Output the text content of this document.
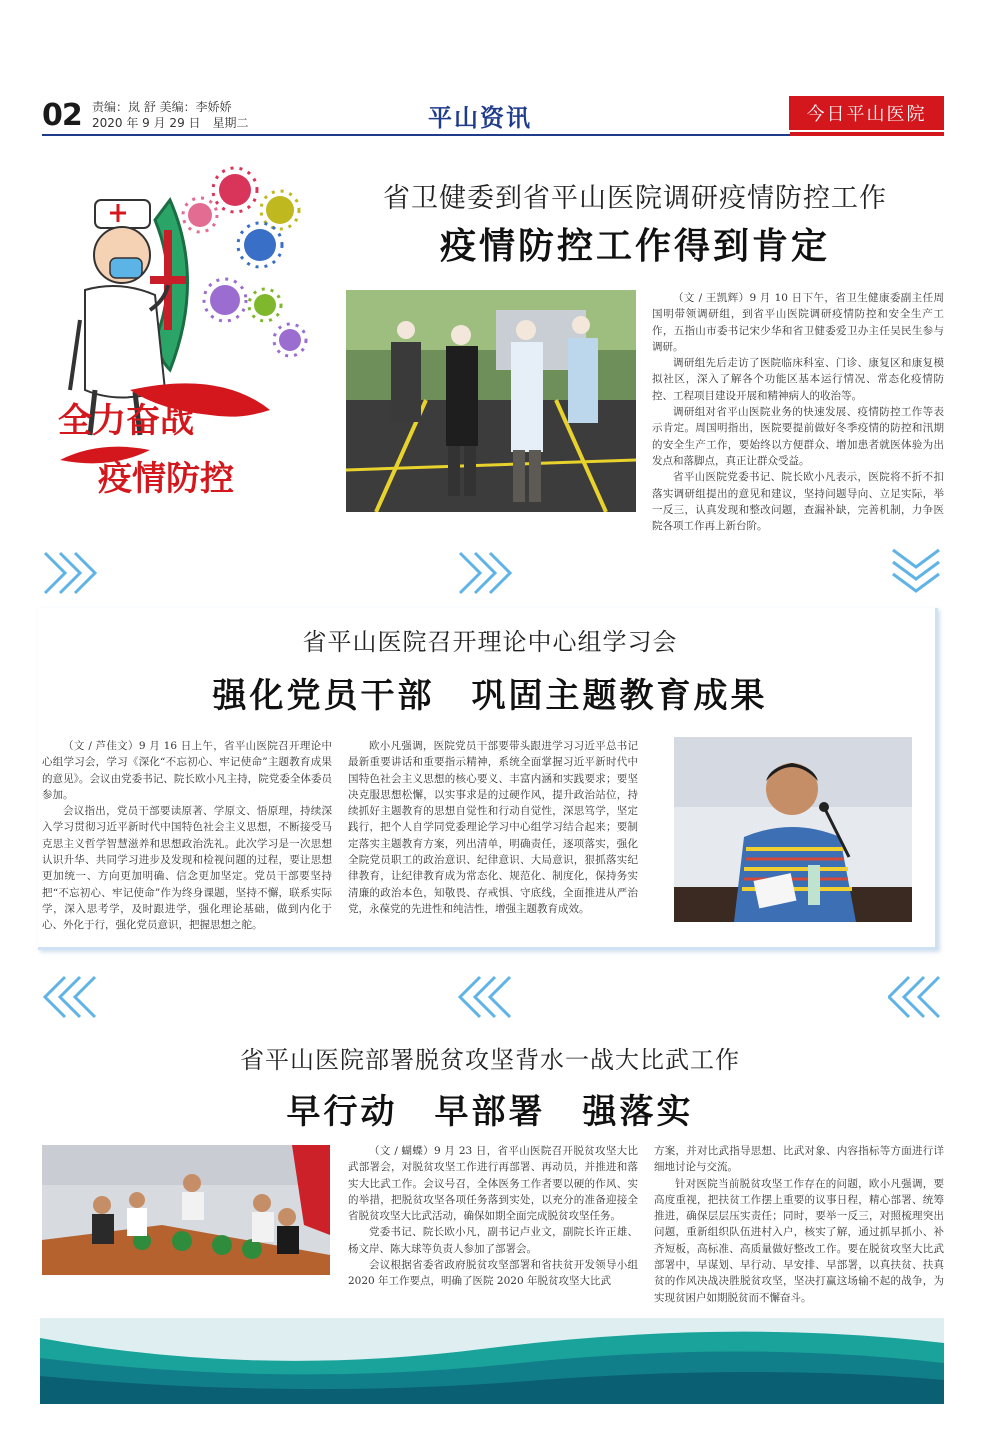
02 责编：岚 舒 美编：李娇娇
2020 年 9 月 29 日　星期二	平山资讯	今日平山医院
全力奋战
疫情防控
省卫健委到省平山医院调研疫情防控工作
疫情防控工作得到肯定

（文 / 王凯辉）9 月 10 日下午，省卫生健康委副主任周国明带领调研组，到省平山医院调研疫情防控和安全生产工作，五指山市委书记宋少华和省卫健委爱卫办主任吴民生参与调研。

调研组先后走访了医院临床科室、门诊、康复区和康复模拟社区，深入了解各个功能区基本运行情况、常态化疫情防控、工程项目建设开展和精神病人的收治等。

调研组对省平山医院业务的快速发展、疫情防控工作等表示肯定。周国明指出，医院要提前做好冬季疫情的防控和汛期的安全生产工作，要始终以方便群众、增加患者就医体验为出发点和落脚点，真正让群众受益。

省平山医院党委书记、院长欧小凡表示，医院将不折不扣落实调研组提出的意见和建议，坚持问题导向、立足实际，举一反三，认真发现和整改问题，查漏补缺，完善机制，力争医院各项工作再上新台阶。

省平山医院召开理论中心组学习会
强化党员干部　巩固主题教育成果

（文 / 芦佳文）9 月 16 日上午，省平山医院召开理论中心组学习会，学习《深化“不忘初心、牢记使命”主题教育成果的意见》。会议由党委书记、院长欧小凡主持，院党委全体委员参加。

会议指出，党员干部要读原著、学原文、悟原理，持续深入学习贯彻习近平新时代中国特色社会主义思想，不断接受马克思主义哲学智慧滋养和思想政治洗礼。此次学习是一次思想认识升华、共同学习进步及发现和检视问题的过程，要让思想更加统一、方向更加明确、信念更加坚定。党员干部要坚持把“不忘初心、牢记使命”作为终身课题，坚持不懈，联系实际学，深入思考学，及时跟进学，强化理论基础，做到内化于心、外化于行，强化党员意识，把握思想之舵。

欧小凡强调，医院党员干部要带头跟进学习习近平总书记最新重要讲话和重要指示精神，系统全面掌握习近平新时代中国特色社会主义思想的核心要义、丰富内涵和实践要求；要坚决克服思想松懈，以实事求是的过硬作风，提升政治站位，持续抓好主题教育的思想自觉性和行动自觉性，深思笃学，坚定践行，把个人自学同党委理论学习中心组学习结合起来；要制定落实主题教育方案，列出清单，明确责任，逐项落实，强化全院党员职工的政治意识、纪律意识、大局意识，狠抓落实纪律教育，让纪律教育成为常态化、规范化、制度化，保持务实清廉的政治本色，知敬畏、存戒惧、守底线，全面推进从严治党，永葆党的先进性和纯洁性，增强主题教育成效。

省平山医院部署脱贫攻坚背水一战大比武工作
早行动　早部署　强落实

（文 / 蝴蝶）9 月 23 日，省平山医院召开脱贫攻坚大比武部署会，对脱贫攻坚工作进行再部署、再动员，并推进和落实大比武工作。会议号召，全体医务工作者要以硬的作风、实的举措，把脱贫攻坚各项任务落到实处，以充分的准备迎接全省脱贫攻坚大比武活动，确保如期全面完成脱贫攻坚任务。

党委书记、院长欧小凡，副书记卢业文，副院长许正雄、杨文岸、陈大球等负责人参加了部署会。

会议根据省委省政府脱贫攻坚部署和省扶贫开发领导小组 2020 年工作要点，明确了医院 2020 年脱贫攻坚大比武

方案，并对比武指导思想、比武对象、内容指标等方面进行详细地讨论与交流。

针对医院当前脱贫攻坚工作存在的问题，欧小凡强调，要高度重视，把扶贫工作摆上重要的议事日程，精心部署、统筹推进，确保层层压实责任；同时，要举一反三，对照梳理突出问题，重新组织队伍进村入户，核实了解，通过抓早抓小、补齐短板，高标准、高质量做好整改工作。要在脱贫攻坚大比武部署中，早谋划、早行动、早安排、早部署，以真扶贫、扶真贫的作风决战决胜脱贫攻坚，坚决打赢这场输不起的战争，为实现贫困户如期脱贫而不懈奋斗。
